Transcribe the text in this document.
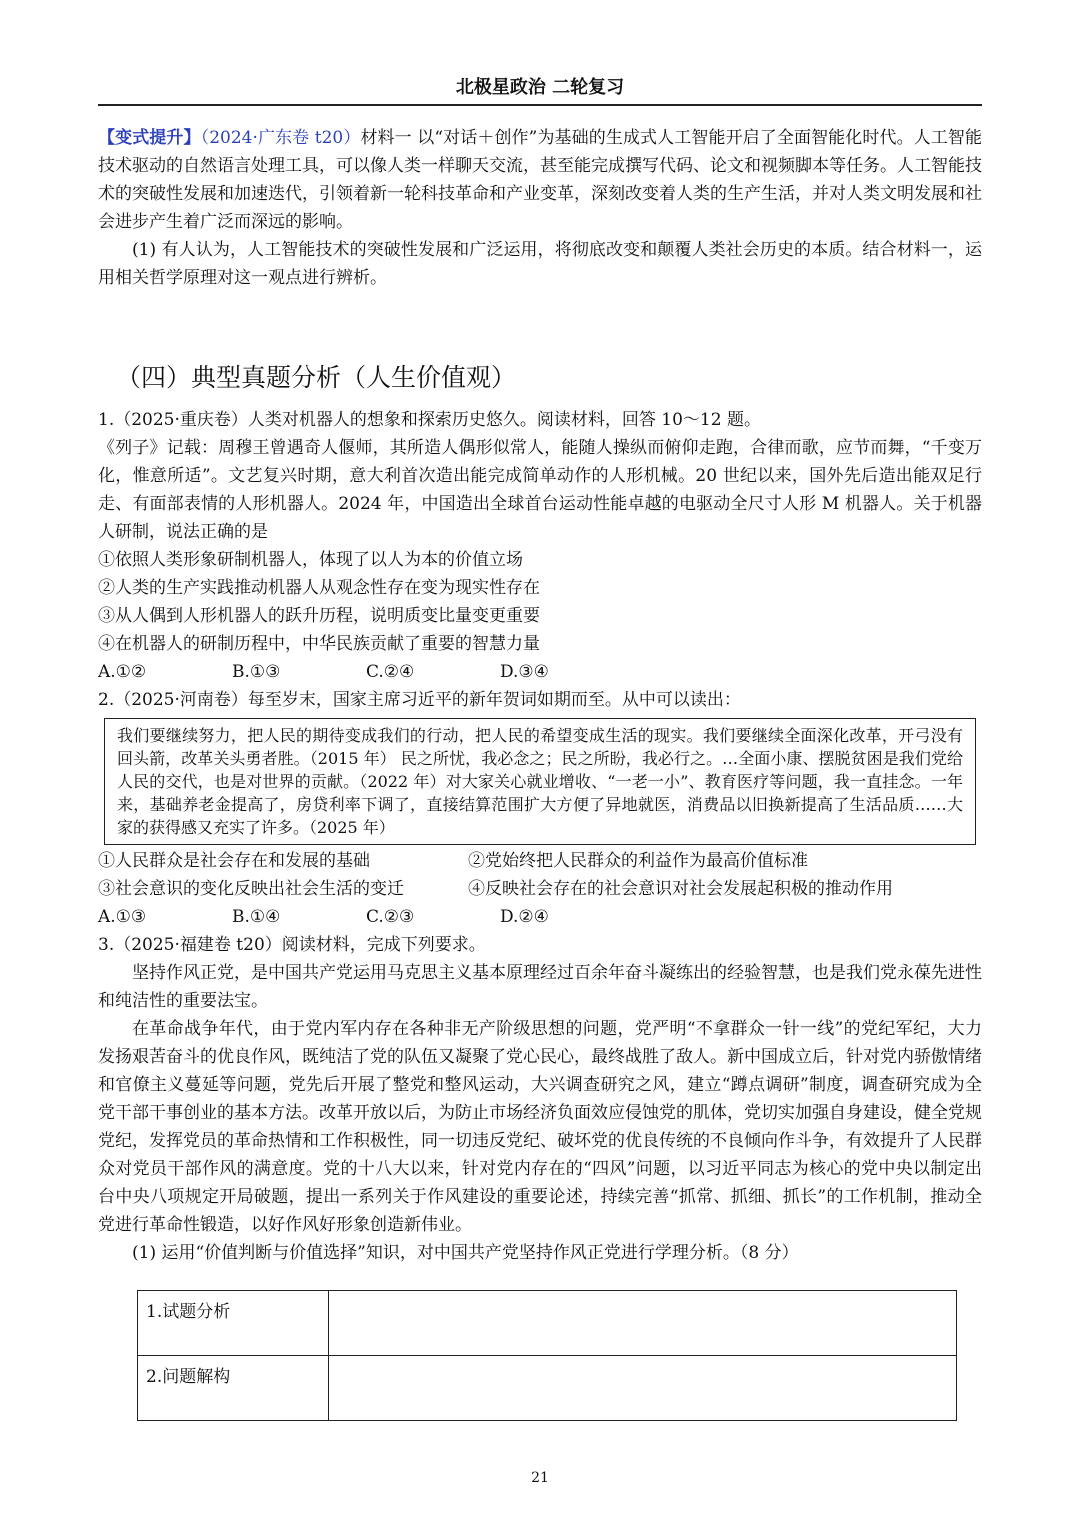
北极星政治 二轮复习

【变式提升】（2024·广东卷 t20）材料一 以“对话＋创作”为基础的生成式人工智能开启了全面智能化时代。人工智能技术驱动的自然语言处理工具，可以像人类一样聊天交流，甚至能完成撰写代码、论文和视频脚本等任务。人工智能技术的突破性发展和加速迭代，引领着新一轮科技革命和产业变革，深刻改变着人类的生产生活，并对人类文明发展和社会进步产生着广泛而深远的影响。

(1) 有人认为，人工智能技术的突破性发展和广泛运用，将彻底改变和颠覆人类社会历史的本质。结合材料一，运用相关哲学原理对这一观点进行辨析。

（四）典型真题分析（人生价值观）

1.（2025·重庆卷）人类对机器人的想象和探索历史悠久。阅读材料，回答 10～12 题。

《列子》记载：周穆王曾遇奇人偃师，其所造人偶形似常人，能随人操纵而俯仰走跑，合律而歌，应节而舞，“千变万化，惟意所适”。文艺复兴时期，意大利首次造出能完成简单动作的人形机械。20 世纪以来，国外先后造出能双足行走、有面部表情的人形机器人。2024 年，中国造出全球首台运动性能卓越的电驱动全尺寸人形 M 机器人。关于机器人研制，说法正确的是

①依照人类形象研制机器人，体现了以人为本的价值立场

②人类的生产实践推动机器人从观念性存在变为现实性存在

③从人偶到人形机器人的跃升历程，说明质变比量变更重要

④在机器人的研制历程中，中华民族贡献了重要的智慧力量

A.①②	B.①③	C.②④	D.③④

2.（2025·河南卷）每至岁末，国家主席习近平的新年贺词如期而至。从中可以读出：

我们要继续努力，把人民的期待变成我们的行动，把人民的希望变成生活的现实。我们要继续全面深化改革，开弓没有回头箭，改革关头勇者胜。（2015 年） 民之所忧，我必念之；民之所盼，我必行之。…全面小康、摆脱贫困是我们党给人民的交代，也是对世界的贡献。（2022 年）对大家关心就业增收、“一老一小”、教育医疗等问题，我一直挂念。一年来，基础养老金提高了，房贷利率下调了，直接结算范围扩大方便了异地就医，消费品以旧换新提高了生活品质……大家的获得感又充实了许多。（2025 年）
①人民群众是社会存在和发展的基础	②党始终把人民群众的利益作为最高价值标准
③社会意识的变化反映出社会生活的变迁	④反映社会存在的社会意识对社会发展起积极的推动作用
A.①③	B.①④	C.②③	D.②④

3.（2025·福建卷 t20）阅读材料，完成下列要求。

坚持作风正党，是中国共产党运用马克思主义基本原理经过百余年奋斗凝练出的经验智慧，也是我们党永葆先进性和纯洁性的重要法宝。

在革命战争年代，由于党内军内存在各种非无产阶级思想的问题，党严明“不拿群众一针一线”的党纪军纪，大力发扬艰苦奋斗的优良作风，既纯洁了党的队伍又凝聚了党心民心，最终战胜了敌人。新中国成立后，针对党内骄傲情绪和官僚主义蔓延等问题，党先后开展了整党和整风运动，大兴调查研究之风，建立“蹲点调研”制度，调查研究成为全党干部干事创业的基本方法。改革开放以后，为防止市场经济负面效应侵蚀党的肌体，党切实加强自身建设，健全党规党纪，发挥党员的革命热情和工作积极性，同一切违反党纪、破坏党的优良传统的不良倾向作斗争，有效提升了人民群众对党员干部作风的满意度。党的十八大以来，针对党内存在的“四风”问题，以习近平同志为核心的党中央以制定出台中央八项规定开局破题，提出一系列关于作风建设的重要论述，持续完善“抓常、抓细、抓长”的工作机制，推动全党进行革命性锻造，以好作风好形象创造新伟业。

(1) 运用“价值判断与价值选择”知识，对中国共产党坚持作风正党进行学理分析。（8 分）

1.试题分析	
2.问题解构	
21
